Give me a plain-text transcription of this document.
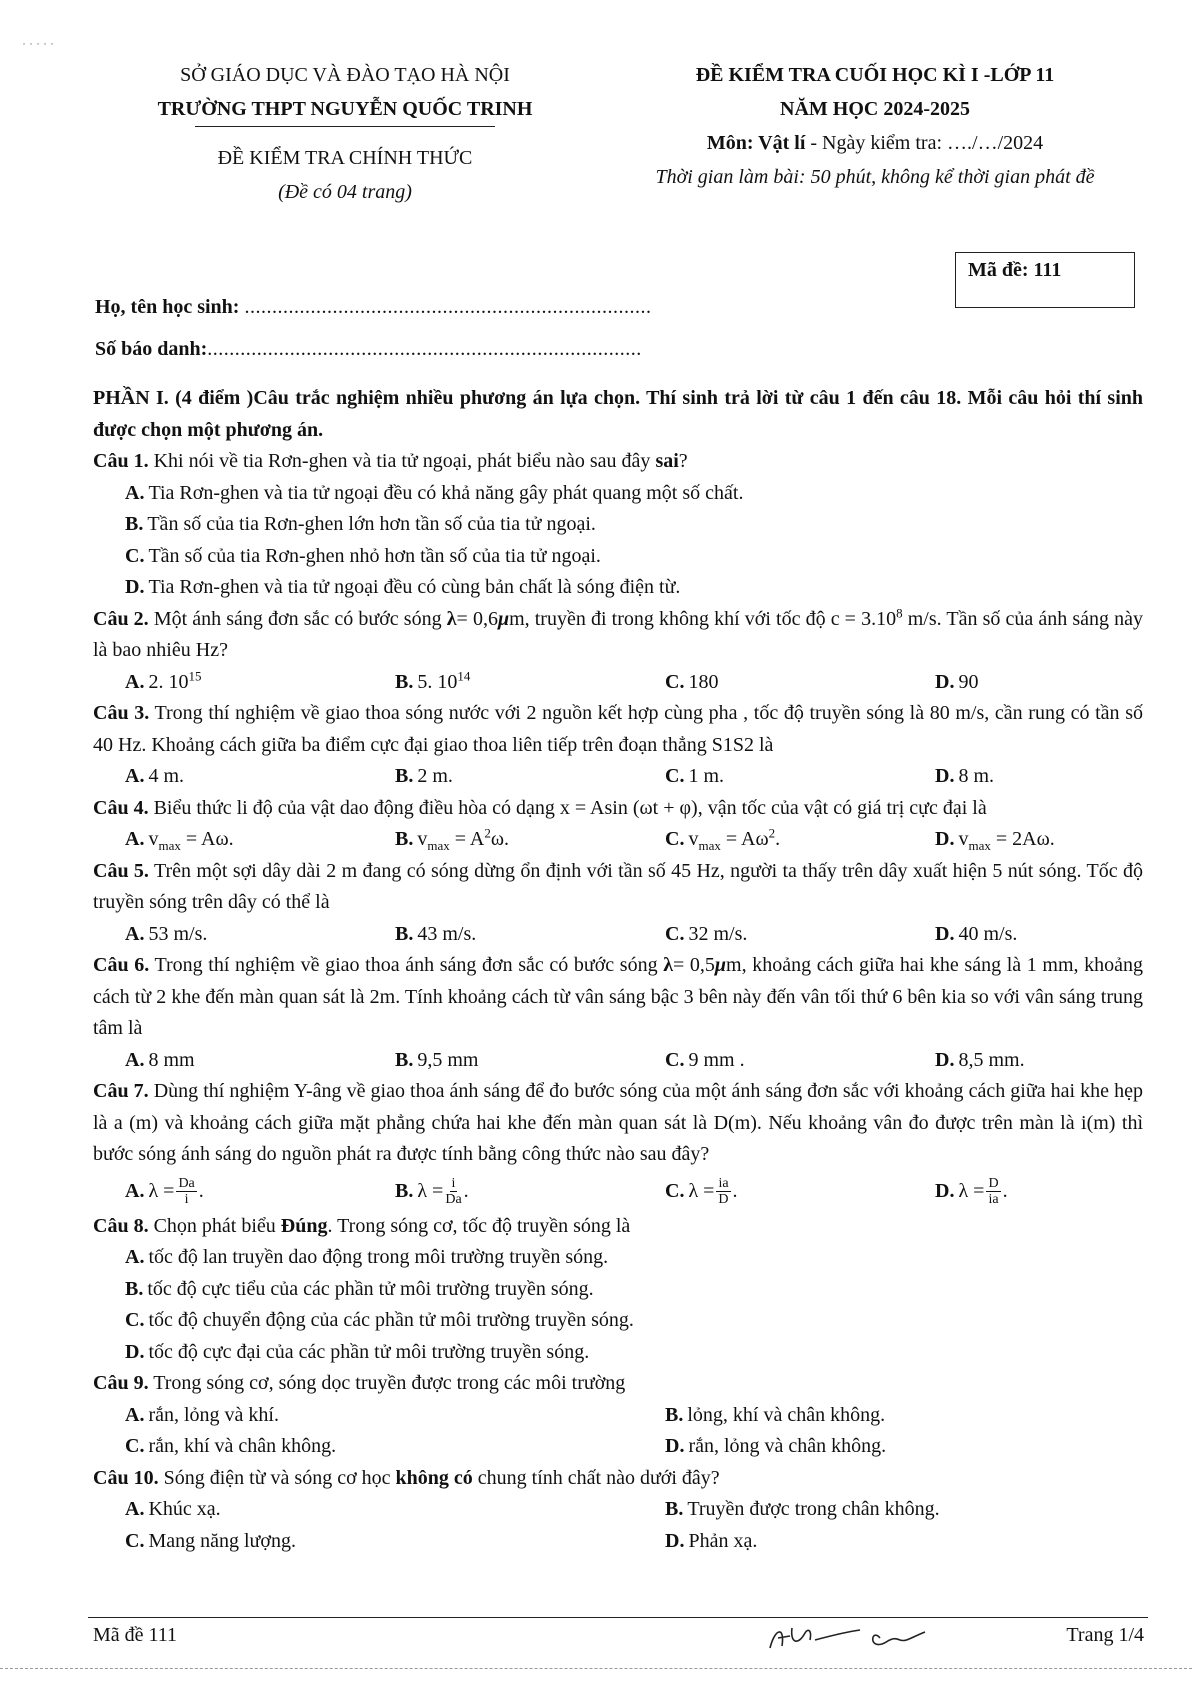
˙ ˙ ˙ ˙ ˙
SỞ GIÁO DỤC VÀ ĐÀO TẠO HÀ NỘI
TRƯỜNG THPT NGUYỄN QUỐC TRINH
ĐỀ KIỂM TRA CHÍNH THỨC
(Đề có 04 trang)
ĐỀ KIỂM TRA CUỐI HỌC KÌ I -LỚP 11
NĂM HỌC 2024-2025
Môn: Vật lí - Ngày kiểm tra: …./…/2024
Thời gian làm bài: 50 phút, không kể thời gian phát đề
Mã đề: 111
Họ, tên học sinh: ..........................................................................
Số báo danh:...............................................................................

PHẦN I. (4 điểm )Câu trắc nghiệm nhiều phương án lựa chọn. Thí sinh trả lời từ câu 1 đến câu 18. Mỗi câu hỏi thí sinh được chọn một phương án.

Câu 1. Khi nói về tia Rơn-ghen và tia tử ngoại, phát biểu nào sau đây sai?

A. Tia Rơn-ghen và tia tử ngoại đều có khả năng gây phát quang một số chất.
B. Tần số của tia Rơn-ghen lớn hơn tần số của tia tử ngoại.
C. Tần số của tia Rơn-ghen nhỏ hơn tần số của tia tử ngoại.
D. Tia Rơn-ghen và tia tử ngoại đều có cùng bản chất là sóng điện từ.

Câu 2. Một ánh sáng đơn sắc có bước sóng λ= 0,6μm, truyền đi trong không khí với tốc độ $c = 3.10^8$ m/s. Tần số của ánh sáng này là bao nhiêu Hz?

A. 2. $10^{15}$	B. 5. $10^{14}$	C. 180	D. 90

Câu 3. Trong thí nghiệm về giao thoa sóng nước với 2 nguồn kết hợp cùng pha , tốc độ truyền sóng là 80 m/s, cần rung có tần số 40 Hz. Khoảng cách giữa ba điểm cực đại giao thoa liên tiếp trên đoạn thẳng S1S2 là

A. 4 m.	B. 2 m.	C. 1 m.	D. 8 m.

Câu 4. Biểu thức li độ của vật dao động điều hòa có dạng x = Asin (ωt + φ), vận tốc của vật có giá trị cực đại là

A. $v_{max} = A\omega$.	B. $v_{max} = A^2\omega$.	C. $v_{max} = A\omega^2$.	D. $v_{max} = 2A\omega$.

Câu 5. Trên một sợi dây dài 2 m đang có sóng dừng ổn định với tần số 45 Hz, người ta thấy trên dây xuất hiện 5 nút sóng. Tốc độ truyền sóng trên dây có thể là

A. 53 m/s.	B. 43 m/s.	C. 32 m/s.	D. 40 m/s.

Câu 6. Trong thí nghiệm về giao thoa ánh sáng đơn sắc có bước sóng λ= 0,5μm, khoảng cách giữa hai khe sáng là 1 mm, khoảng cách từ 2 khe đến màn quan sát là 2m. Tính khoảng cách từ vân sáng bậc 3 bên này đến vân tối thứ 6 bên kia so với vân sáng trung tâm là

A. 8 mm	B. 9,5 mm	C. 9 mm .	D. 8,5 mm.

Câu 7. Dùng thí nghiệm Y-âng về giao thoa ánh sáng để đo bước sóng của một ánh sáng đơn sắc với khoảng cách giữa hai khe hẹp là a (m) và khoảng cách giữa mặt phẳng chứa hai khe đến màn quan sát là D(m). Nếu khoảng vân đo được trên màn là i(m) thì bước sóng ánh sáng do nguồn phát ra được tính bằng công thức nào sau đây?

A. $\lambda = \frac{Da}{i}$ .	B. $\lambda = \frac{i}{Da}$ .	C. $\lambda = \frac{ia}{D}$ .	D. $\lambda = \frac{D}{ia}$ .

Câu 8. Chọn phát biểu Đúng. Trong sóng cơ, tốc độ truyền sóng là

A. tốc độ lan truyền dao động trong môi trường truyền sóng.
B. tốc độ cực tiểu của các phần tử môi trường truyền sóng.
C. tốc độ chuyển động của các phần tử môi trường truyền sóng.
D. tốc độ cực đại của các phần tử môi trường truyền sóng.

Câu 9. Trong sóng cơ, sóng dọc truyền được trong các môi trường

A. rắn, lỏng và khí.	B. lỏng, khí và chân không.
C. rắn, khí và chân không.	D. rắn, lỏng và chân không.

Câu 10. Sóng điện từ và sóng cơ học không có chung tính chất nào dưới đây?

A. Khúc xạ.	B. Truyền được trong chân không.
C. Mang năng lượng.	D. Phản xạ.
Mã đề 111	Trang 1/4
